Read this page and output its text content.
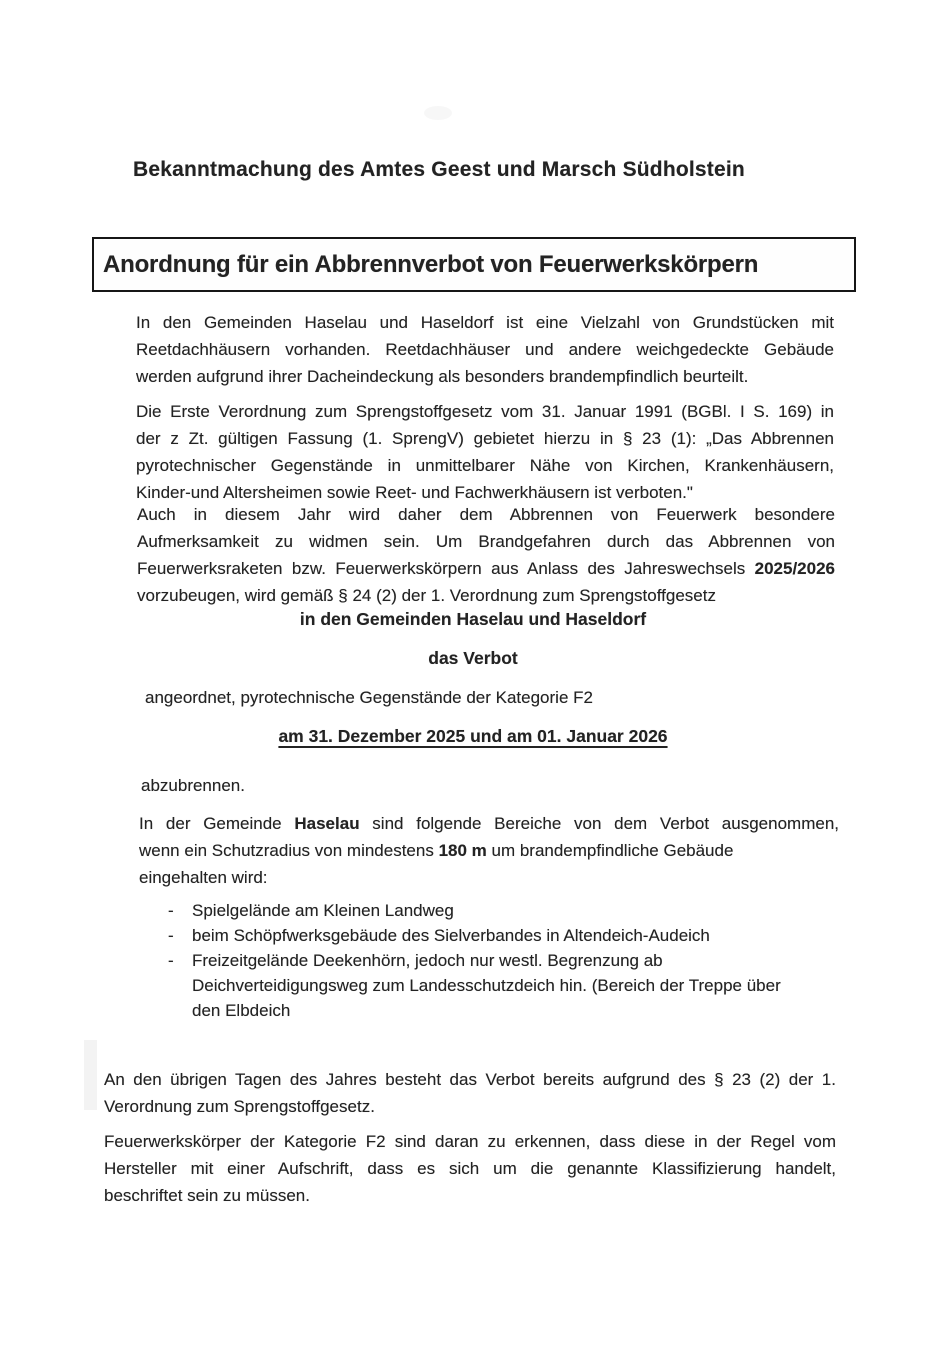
Bekanntmachung des Amtes Geest und Marsch Südholstein
Anordnung für ein Abbrennverbot von Feuerwerkskörpern
In den Gemeinden Haselau und Haseldorf ist eine Vielzahl von Grundstücken mit
Reetdachhäusern vorhanden. Reetdachhäuser und andere weichgedeckte Gebäude
werden aufgrund ihrer Dacheindeckung als besonders brandempfindlich beurteilt.
Die Erste Verordnung zum Sprengstoffgesetz vom 31. Januar 1991 (BGBl. I S. 169) in
der z Zt. gültigen Fassung (1. SprengV) gebietet hierzu in § 23 (1): „Das Abbrennen
pyrotechnischer Gegenstände in unmittelbarer Nähe von Kirchen, Krankenhäusern,
Kinder-und Altersheimen sowie Reet- und Fachwerkhäusern ist verboten."
Auch in diesem Jahr wird daher dem Abbrennen von Feuerwerk besondere
Aufmerksamkeit zu widmen sein. Um Brandgefahren durch das Abbrennen von
Feuerwerksraketen bzw. Feuerwerkskörpern aus Anlass des Jahreswechsels 2025/2026
vorzubeugen, wird gemäß § 24 (2) der 1. Verordnung zum Sprengstoffgesetz
in den Gemeinden Haselau und Haseldorf
das Verbot
angeordnet, pyrotechnische Gegenstände der Kategorie F2
am 31. Dezember 2025 und am 01. Januar 2026
abzubrennen.
In der Gemeinde Haselau sind folgende Bereiche von dem Verbot ausgenommen,
wenn ein Schutzradius von mindestens 180 m um brandempfindliche Gebäude
eingehalten wird:
-	Spielgelände am Kleinen Landweg
-	beim Schöpfwerksgebäude des Sielverbandes in Altendeich-Audeich
-	Freizeitgelände Deekenhörn, jedoch nur westl. Begrenzung ab
Deichverteidigungsweg zum Landesschutzdeich hin. (Bereich der Treppe über
den Elbdeich
An den übrigen Tagen des Jahres besteht das Verbot bereits aufgrund des § 23 (2) der 1.
Verordnung zum Sprengstoffgesetz.
Feuerwerkskörper der Kategorie F2 sind daran zu erkennen, dass diese in der Regel vom
Hersteller mit einer Aufschrift, dass es sich um die genannte Klassifizierung handelt,
beschriftet sein zu müssen.
